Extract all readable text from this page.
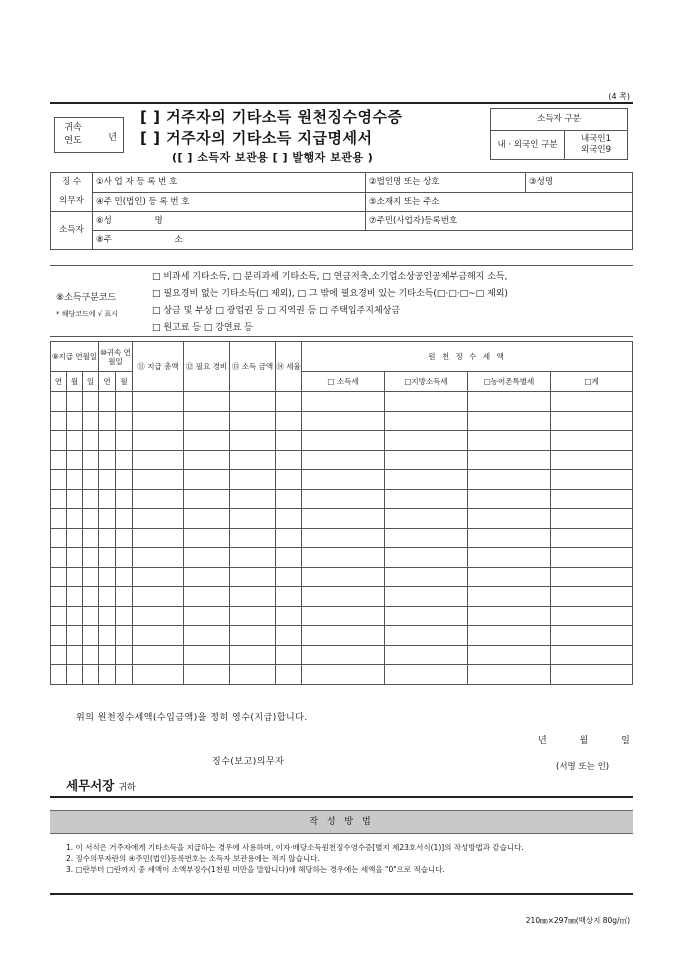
(4 쪽)
귀속 연도	년
[ ] 거주자의 기타소득 원천징수영수증
[ ] 거주자의 기타소득 지급명세서
([ ] 소득자 보관용 [ ] 발행자 보관용 )
소득자 구분
내 · 외국인 구분	
내국인1
외국인9
징 수
의무자	①사 업 자 등 록 번 호	②법인명 또는 상호	③성명
	④주 민(법인) 등 록 번 호	⑤소재지 또는 주소	
소득자	⑥성 명	⑦주민(사업자)등록번호	
	⑧주 소		
⑧소득구분코드
* 해당코드에 √ 표시
□ 비과세 기타소득, □ 분리과세 기타소득, □ 연금저축,소기업소상공인공제부금해지 소득,
□ 필요경비 없는 기타소득(□ 제외), □ 그 밖에 필요경비 있는 기타소득(□·□·□~□ 제외)
□ 상금 및 부상 □ 광업권 등 □ 지역권 등 □ 주택입주지체상금
□ 원고료 등 □ 강연료 등
⑨지급 연월일			⑩귀속 연월일		⑪ 지급 총액	⑫ 필요 경비	⑬ 소득 금액	⑭ 세율	원 천 징 수 세 액			
연	월	일	연	월					□ 소득세	□지방소득세	□농어촌특별세	□계

위의 원천징수세액(수입금액)을 정히 영수(지급)합니다.
년 월 일
징수(보고)의무자	(서명 또는 인)
세무서장 귀하
작 성 방 법
1. 이 서식은 거주자에게 기타소득을 지급하는 경우에 사용하며, 이자·배당소득원천징수영수증[별지 제23호서식(1)]의 작성방법과 같습니다.
2. 징수의무자란의 ④주민(법인)등록번호는 소득자 보관용에는 적지 않습니다.
3. □란부터 □란까지 중 세액이 소액부징수(1천원 미만을 말합니다)에 해당하는 경우에는 세액을 "0"으로 적습니다.
210㎜×297㎜(백상지 80g/㎡)
